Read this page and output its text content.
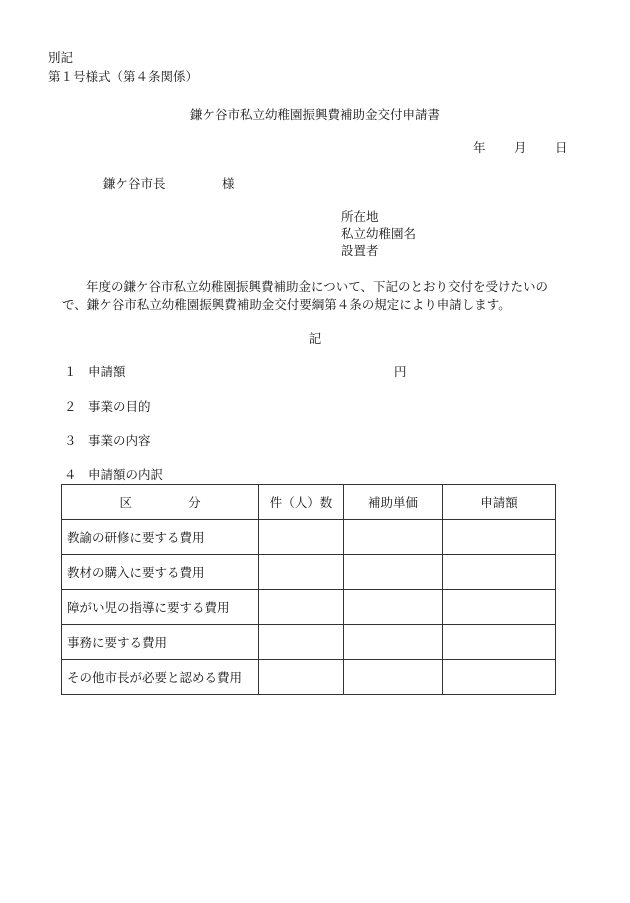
別記
第１号様式（第４条関係）
鎌ケ谷市私立幼稚園振興費補助金交付申請書
年 月 日
鎌ケ谷市長	様
所在地
私立幼稚園名
設置者
年度の鎌ケ谷市私立幼稚園振興費補助金について、下記のとおり交付を受けたいので、鎌ケ谷市私立幼稚園振興費補助金交付要綱第４条の規定により申請します。
記
１ 申請額	円
２ 事業の目的
３ 事業の内容
４ 申請額の内訳
区 分	件（人）数	補助単価	申請額
教諭の研修に要する費用			
教材の購入に要する費用			
障がい児の指導に要する費用			
事務に要する費用			
その他市長が必要と認める費用			
